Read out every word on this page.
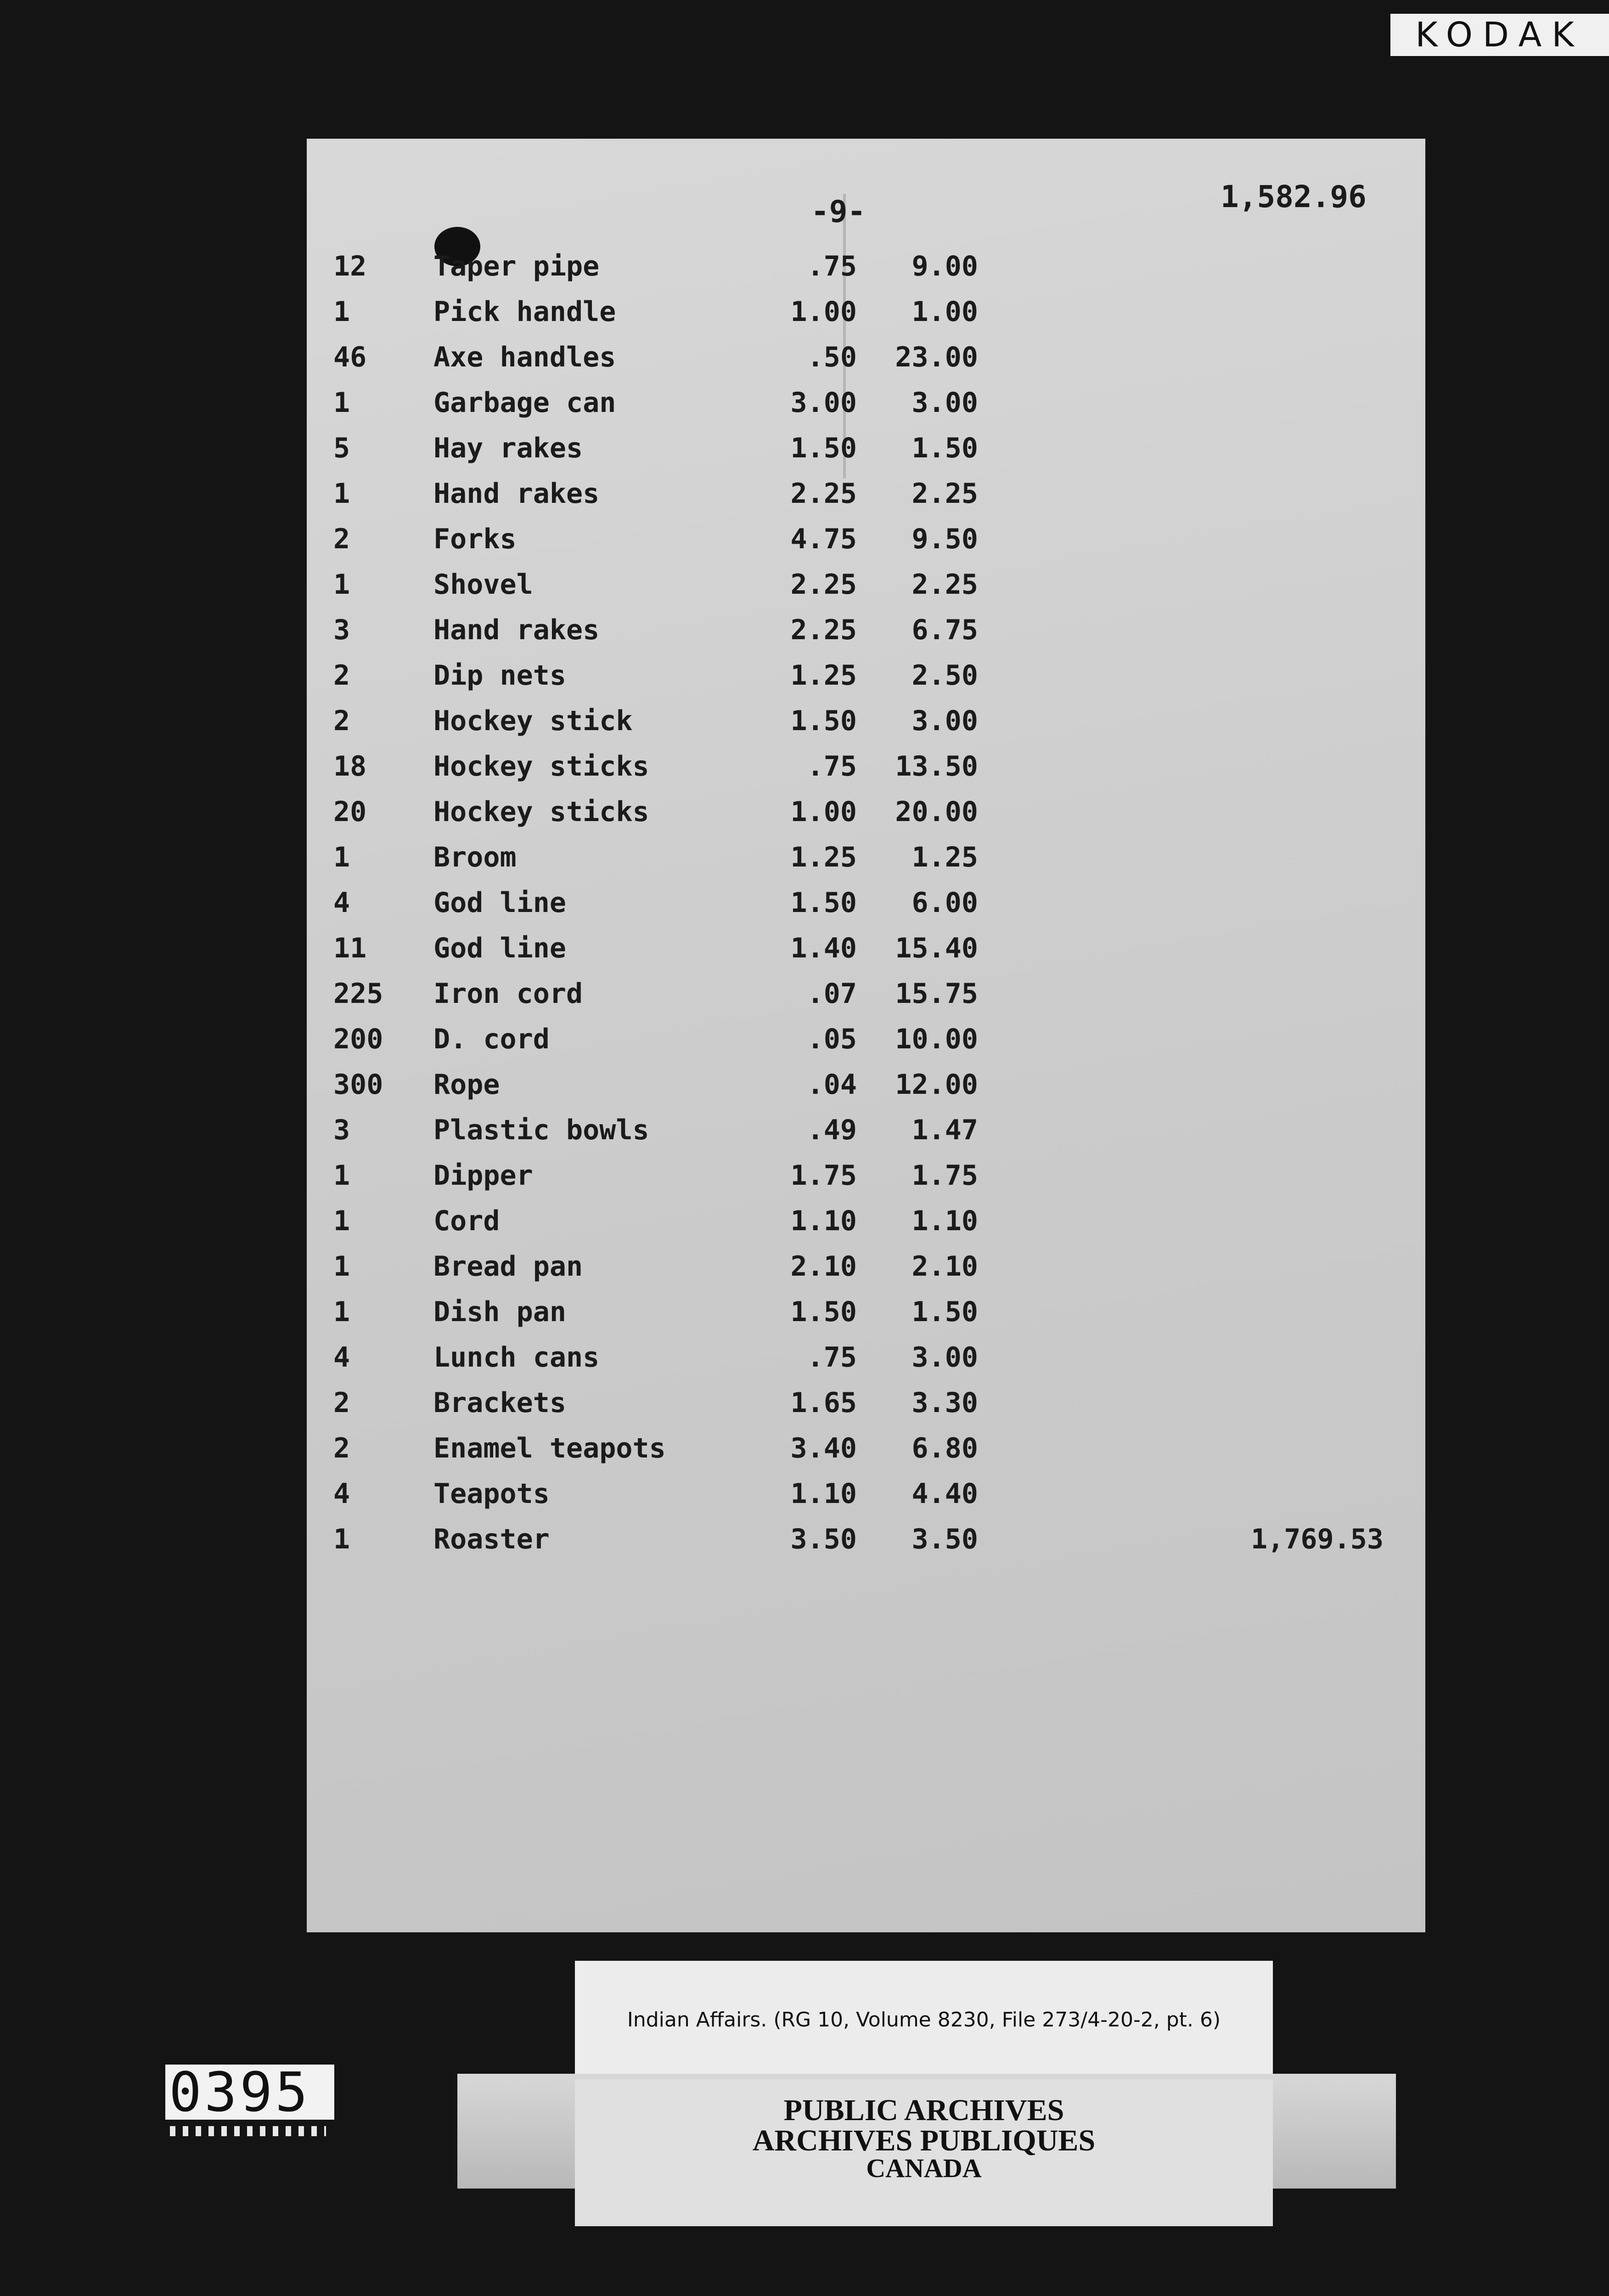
KODAK
-9-	1,582.96
12 Taper pipe	.75 9.00
1	Pick handle	1.00 1.00
46 Axe handles	.50 23.00
1	Garbage can	3.00 3.00
5	Hay rakes	1.50 1.50
1	Hand rakes	2.25 2.25
2	Forks	4.75 9.50
1	Shovel	2.25 2.25
3	Hand rakes	2.25 6.75
2	Dip nets	1.25 2.50
2	Hockey stick	1.50 3.00
18 Hockey sticks	.75 13.50
20 Hockey sticks	1.00 20.00
1	Broom	1.25 1.25
4	God line	1.50 6.00
11 God line	1.40 15.40
225 Iron cord	.07 15.75
200 D. cord	.05 10.00
300 Rope	.04 12.00
3	Plastic bowls	.49 1.47
1	Dipper	1.75 1.75
1	Cord	1.10 1.10
1	Bread pan	2.10 2.10
1	Dish pan	1.50 1.50
4	Lunch cans	.75 3.00
2	Brackets	1.65 3.30
2	Enamel teapots	3.40 6.80
4	Teapots	1.10 4.40
1	Roaster	3.50 3.50	1,769.53
0395
Indian Affairs. (RG 10, Volume 8230, File 273/4-20-2, pt. 6)
PUBLIC ARCHIVES
ARCHIVES PUBLIQUES
CANADA
